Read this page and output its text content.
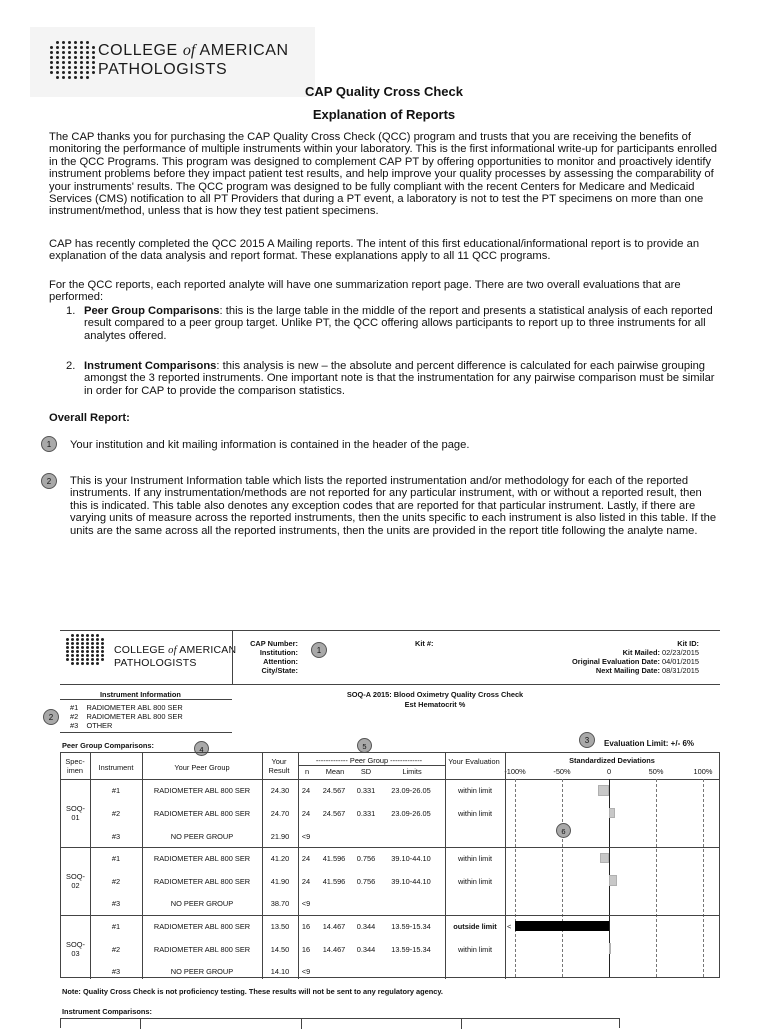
COLLEGE of AMERICAN
PATHOLOGISTS
CAP Quality Cross Check
Explanation of Reports
The CAP thanks you for purchasing the CAP Quality Cross Check (QCC) program and trusts that you are receiving the benefits of monitoring the performance of multiple instruments within your laboratory. This is the first informational write-up for participants enrolled in the QCC Programs. This program was designed to complement CAP PT by offering opportunities to monitor and proactively identify instrument problems before they impact patient test results, and help improve your quality processes by assessing the comparability of your instruments' results. The QCC program was designed to be fully compliant with the recent Centers for Medicare and Medicaid Services (CMS) notification to all PT Providers that during a PT event, a laboratory is not to test the PT specimens on more than one instrument/method, unless that is how they test patient specimens.
CAP has recently completed the QCC 2015 A Mailing reports. The intent of this first educational/informational report is to provide an explanation of the data analysis and report format. These explanations apply to all 11 QCC programs.
For the QCC reports, each reported analyte will have one summarization report page. There are two overall evaluations that are performed:
1. Peer Group Comparisons: this is the large table in the middle of the report and presents a statistical analysis of each reported result compared to a peer group target. Unlike PT, the QCC offering allows participants to report up to three instruments for all analytes offered.
2. Instrument Comparisons: this analysis is new – the absolute and percent difference is calculated for each pairwise grouping amongst the 3 reported instruments. One important note is that the instrumentation for any pairwise comparison must be similar in order for CAP to provide the comparison statistics.
Overall Report:
1	Your institution and kit mailing information is contained in the header of the page.
2	This is your Instrument Information table which lists the reported instrumentation and/or methodology for each of the reported instruments. If any instrumentation/methods are not reported for any particular instrument, with or without a reported result, then this is indicated. This table also denotes any exception codes that are reported for that particular instrument. Lastly, if there are varying units of measure across the reported instruments, then the units specific to each instrument is also listed in this table. If the units are the same across all the reported instruments, then the units are provided in the report title following the analyte name.
COLLEGE of AMERICAN
PATHOLOGISTS
CAP Number:
Institution:
Attention:
City/State:
1
Kit #:	Kit ID:
Kit Mailed: 02/23/2015
Original Evaluation Date: 04/01/2015
Next Mailing Date: 08/31/2015
Instrument Information
#1 RADIOMETER ABL 800 SER
#2 RADIOMETER ABL 800 SER
#3 OTHER
2
SOQ-A 2015: Blood Oximetry Quality Cross Check
Est Hematocrit %
3	Evaluation Limit: +/- 6%
Peer Group Comparisons:	4	5
Spec-imen	Instrument	Your Peer Group
Your Result
------------- Peer Group -------------
n	Mean	SD	Limits
Your Evaluation	Standardized Deviations
-100%	-50%	0	50%	100%
SOQ-01
#1	RADIOMETER ABL 800 SER	24.30	24	24.567	0.331	23.09-26.05	within limit
#2	RADIOMETER ABL 800 SER	24.70	24	24.567	0.331	23.09-26.05	within limit
#3	NO PEER GROUP	21.90	<9
SOQ-02
#1	RADIOMETER ABL 800 SER	41.20	24	41.596	0.756	39.10-44.10	within limit
#2	RADIOMETER ABL 800 SER	41.90	24	41.596	0.756	39.10-44.10	within limit
#3	NO PEER GROUP	38.70	<9
SOQ-03
#1	RADIOMETER ABL 800 SER	13.50	16	14.467	0.344	13.59-15.34	outside limit	<
#2	RADIOMETER ABL 800 SER	14.50	16	14.467	0.344	13.59-15.34	within limit
#3	NO PEER GROUP	14.10	<9
6
Note: Quality Cross Check is not proficiency testing. These results will not be sent to any regulatory agency.
Instrument Comparisons:
